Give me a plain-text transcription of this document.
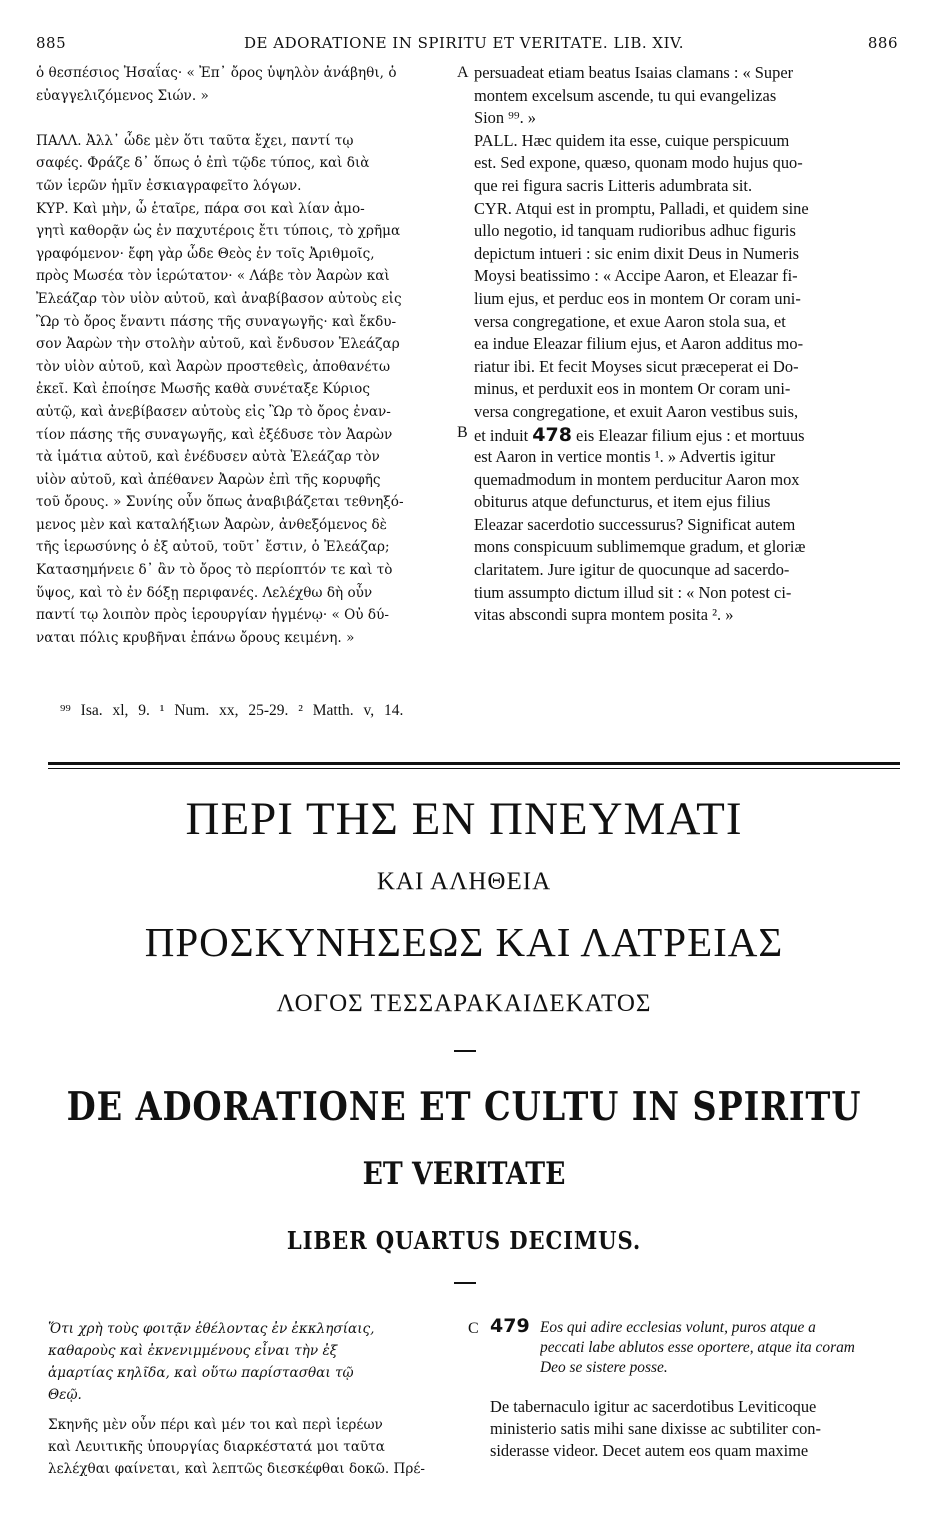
885	DE ADORATIONE IN SPIRITU ET VERITATE. LIB. XIV.	886
ὁ θεσπέσιος Ἠσαΐας· « Ἐπ᾽ ὄρος ὑψηλὸν ἀνάβηθι, ὁ
εὐαγγελιζόμενος Σιών. »

ΠΑΛΛ. Ἀλλ᾽ ὧδε μὲν ὅτι ταῦτα ἔχει, παντί τῳ
σαφές. Φράζε δ᾽ ὅπως ὁ ἐπὶ τῷδε τύπος, καὶ διὰ
τῶν ἱερῶν ἡμῖν ἐσκιαγραφεῖτο λόγων.
ΚΥΡ. Καὶ μὴν, ὦ ἑταῖρε, πάρα σοι καὶ λίαν ἀμο-
γητὶ καθορᾷν ὡς ἐν παχυτέροις ἔτι τύποις, τὸ χρῆμα
γραφόμενον· ἔφη γὰρ ὧδε Θεὸς ἐν τοῖς Ἀριθμοῖς,
πρὸς Μωσέα τὸν ἱερώτατον· « Λάβε τὸν Ἀαρὼν καὶ
Ἐλεάζαρ τὸν υἱὸν αὐτοῦ, καὶ ἀναβίβασον αὐτοὺς εἰς
Ὢρ τὸ ὄρος ἔναντι πάσης τῆς συναγωγῆς· καὶ ἔκδυ-
σον Ἀαρὼν τὴν στολὴν αὐτοῦ, καὶ ἔνδυσον Ἐλεάζαρ
τὸν υἱὸν αὐτοῦ, καὶ Ἀαρὼν προστεθεὶς, ἀποθανέτω
ἐκεῖ. Καὶ ἐποίησε Μωσῆς καθὰ συνέταξε Κύριος
αὐτῷ, καὶ ἀνεβίβασεν αὐτοὺς εἰς Ὢρ τὸ ὄρος ἐναν-
τίον πάσης τῆς συναγωγῆς, καὶ ἐξέδυσε τὸν Ἀαρὼν
τὰ ἱμάτια αὐτοῦ, καὶ ἐνέδυσεν αὐτὰ Ἐλεάζαρ τὸν
υἱὸν αὐτοῦ, καὶ ἀπέθανεν Ἀαρὼν ἐπὶ τῆς κορυφῆς
τοῦ ὄρους. » Συνίης οὖν ὅπως ἀναβιβάζεται τεθνηξό-
μενος μὲν καὶ καταλήξιων Ἀαρὼν, ἀνθεξόμενος δὲ
τῆς ἱερωσύνης ὁ ἐξ αὐτοῦ, τοῦτ᾽ ἔστιν, ὁ Ἐλεάζαρ;
Κατασημήνειε δ᾽ ἂν τὸ ὄρος τὸ περίοπτόν τε καὶ τὸ
ὕψος, καὶ τὸ ἐν δόξῃ περιφανές. Λελέχθω δὴ οὖν
παντί τῳ λοιπὸν πρὸς ἱερουργίαν ἡγμένῳ· « Οὐ δύ-
ναται πόλις κρυβῆναι ἐπάνω ὄρους κειμένη. »
persuadeat etiam beatus Isaias clamans : « Super
montem excelsum ascende, tu qui evangelizas
Sion ⁹⁹. »
PALL. Hæc quidem ita esse, cuique perspicuum
est. Sed expone, quæso, quonam modo hujus quo-
que rei figura sacris Litteris adumbrata sit.
CYR. Atqui est in promptu, Palladi, et quidem sine
ullo negotio, id tanquam rudioribus adhuc figuris
depictum intueri : sic enim dixit Deus in Numeris
Moysi beatissimo : « Accipe Aaron, et Eleazar fi-
lium ejus, et perduc eos in montem Or coram uni-
versa congregatione, et exue Aaron stola sua, et
ea indue Eleazar filium ejus, et Aaron additus mo-
riatur ibi. Et fecit Moyses sicut præceperat ei Do-
minus, et perduxit eos in montem Or coram uni-
versa congregatione, et exuit Aaron vestibus suis,
et induit 478 eis Eleazar filium ejus : et mortuus
est Aaron in vertice montis ¹. » Advertis igitur
quemadmodum in montem perducitur Aaron mox
obiturus atque defuncturus, et item ejus filius
Eleazar sacerdotio successurus? Significat autem
mons conspicuum sublimemque gradum, et gloriæ
claritatem. Jure igitur de quocunque ad sacerdo-
tium assumpto dictum illud sit : « Non potest ci-
vitas abscondi supra montem posita ². »
A
B
⁹⁹ Isa. xl, 9. ¹ Num. xx, 25-29. ² Matth. v, 14.
ΠΕΡΙ ΤΗΣ ΕΝ ΠΝΕΥΜΑΤΙ
ΚΑΙ ΑΛΗΘΕΙΑ
ΠΡΟΣΚΥΝΗΣΕΩΣ ΚΑΙ ΛΑΤΡΕΙΑΣ
ΛΟΓΟΣ ΤΕΣΣΑΡΑΚΑΙΔΕΚΑΤΟΣ
DE ADORATIONE ET CULTU IN SPIRITU
ET VERITATE
LIBER QUARTUS DECIMUS.
Ὅτι χρὴ τοὺς φοιτᾷν ἐθέλοντας ἐν ἐκκλησίαις,
καθαροὺς καὶ ἐκνενιμμένους εἶναι τὴν ἐξ
ἁμαρτίας κηλῖδα, καὶ οὕτω παρίστασθαι τῷ
Θεῷ.
Σκηνῆς μὲν οὖν πέρι καὶ μέν τοι καὶ περὶ ἱερέων
καὶ Λευιτικῆς ὑπουργίας διαρκέστατά μοι ταῦτα
λελέχθαι φαίνεται, καὶ λεπτῶς διεσκέφθαι δοκῶ. Πρέ-
C 479 Eos qui adire ecclesias volunt, puros atque a
peccati labe ablutos esse oportere, atque ita coram
Deo se sistere posse.
De tabernaculo igitur ac sacerdotibus Leviticoque
ministerio satis mihi sane dixisse ac subtiliter con-
siderasse videor. Decet autem eos quam maxime
